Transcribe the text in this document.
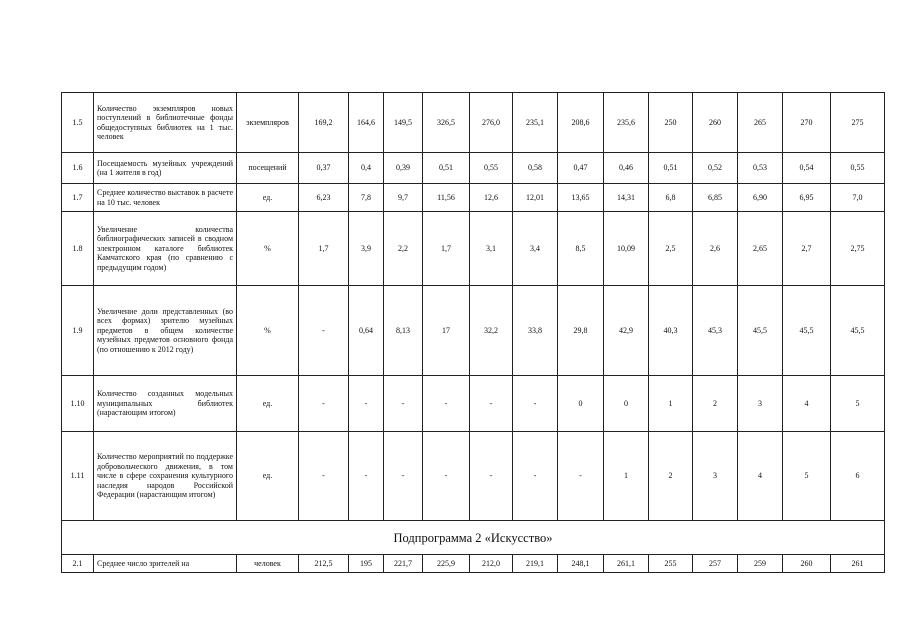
1.5	Количество экземпляров новых поступлений в библиотечные фонды общедоступных библиотек на 1 тыс. человек	экземпляров	169,2	164,6	149,5	326,5	276,0	235,1	208,6	235,6	250	260	265	270	275
1.6	Посещаемость музейных учреждений (на 1 жителя в год)	посещений	0,37	0,4	0,39	0,51	0,55	0,58	0,47	0,46	0,51	0,52	0,53	0,54	0,55
1.7	Среднее количество выставок в расчете на 10 тыс. человек	ед.	6,23	7,8	9,7	11,56	12,6	12,01	13,65	14,31	6,8	6,85	6,90	6,95	7,0
1.8	Увеличение количества библиографических записей в сводном электронном каталоге библиотек Камчатского края (по сравнению с предыдущим годом)	%	1,7	3,9	2,2	1,7	3,1	3,4	8,5	10,09	2,5	2,6	2,65	2,7	2,75
1.9	Увеличение доли представленных (во всех формах) зрителю музейных предметов в общем количестве музейных предметов основного фонда (по отношению к 2012 году)	%	-	0,64	8,13	17	32,2	33,8	29,8	42,9	40,3	45,3	45,5	45,5	45,5
1.10	Количество созданных модельных муниципальных библиотек (нарастающим итогом)	ед.	-	-	-	-	-	-	0	0	1	2	3	4	5
1.11	Количество мероприятий по поддержке добровольческого движения, в том числе в сфере сохранения культурного наследия народов Российской Федерации (нарастающим итогом)	ед.	-	-	-	-	-	-	-	1	2	3	4	5	6
Подпрограмма 2 «Искусство»															
2.1	Среднее число зрителей на	человек	212,5	195	221,7	225,9	212,0	219,1	248,1	261,1	255	257	259	260	261
